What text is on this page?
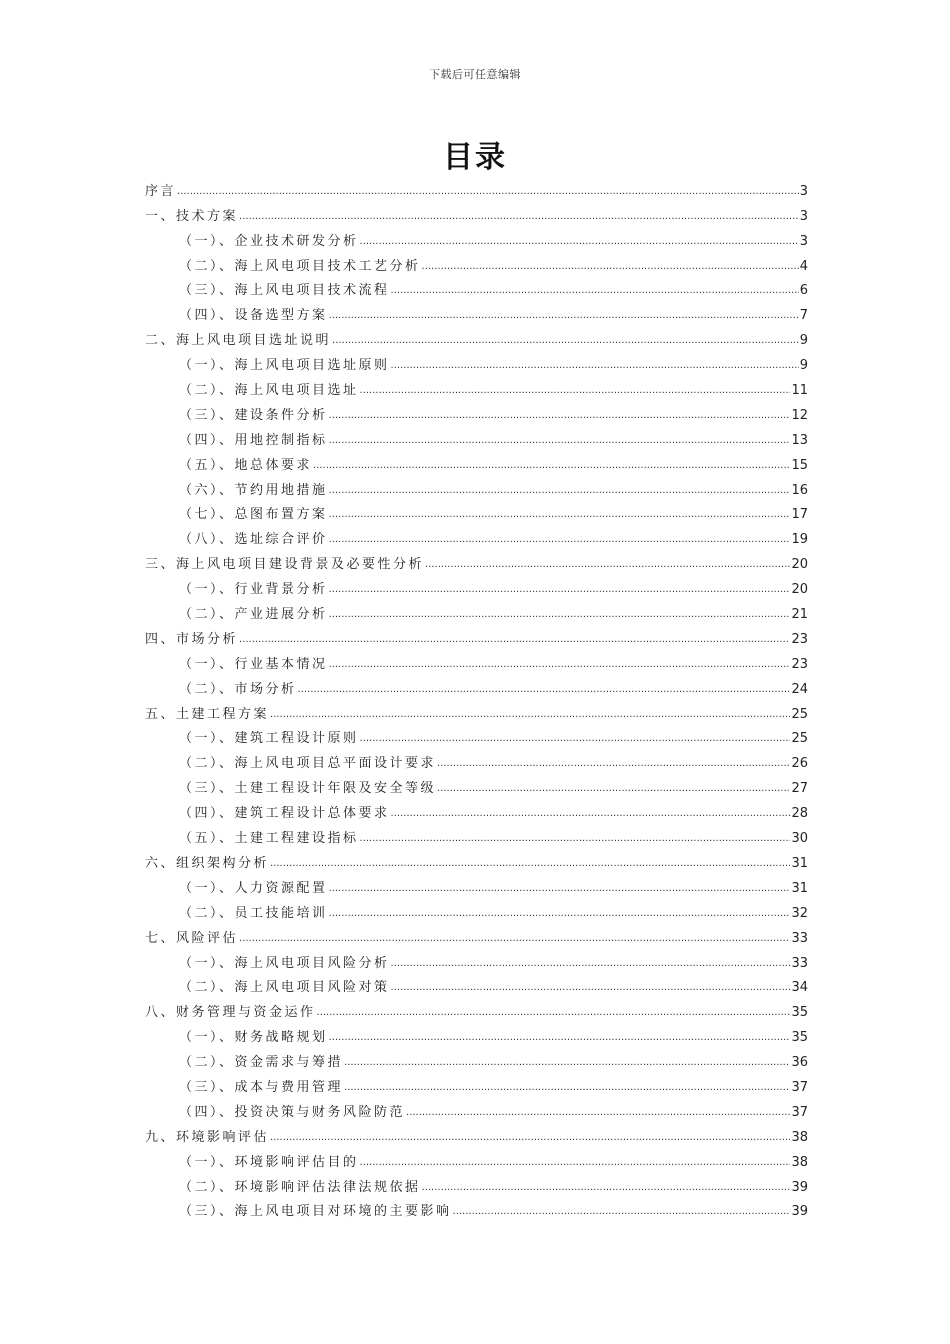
下载后可任意编辑
目录
序言 .....	3
一、技术方案 .....	3
（一）、企业技术研发分析 .....	3
（二）、海上风电项目技术工艺分析 .....	4
（三）、海上风电项目技术流程 .....	6
（四）、设备选型方案 .....	7
二、海上风电项目选址说明 .....	9
（一）、海上风电项目选址原则 .....	9
（二）、海上风电项目选址 .....	11
（三）、建设条件分析 .....	12
（四）、用地控制指标 .....	13
（五）、地总体要求 .....	15
（六）、节约用地措施 .....	16
（七）、总图布置方案 .....	17
（八）、选址综合评价 .....	19
三、海上风电项目建设背景及必要性分析 .....	20
（一）、行业背景分析 .....	20
（二）、产业进展分析 .....	21
四、市场分析 .....	23
（一）、行业基本情况 .....	23
（二）、市场分析 .....	24
五、土建工程方案 .....	25
（一）、建筑工程设计原则 .....	25
（二）、海上风电项目总平面设计要求 .....	26
（三）、土建工程设计年限及安全等级 .....	27
（四）、建筑工程设计总体要求 .....	28
（五）、土建工程建设指标 .....	30
六、组织架构分析 .....	31
（一）、人力资源配置 .....	31
（二）、员工技能培训 .....	32
七、风险评估 .....	33
（一）、海上风电项目风险分析 .....	33
（二）、海上风电项目风险对策 .....	34
八、财务管理与资金运作 .....	35
（一）、财务战略规划 .....	35
（二）、资金需求与筹措 .....	36
（三）、成本与费用管理 .....	37
（四）、投资决策与财务风险防范 .....	37
九、环境影响评估 .....	38
（一）、环境影响评估目的 .....	38
（二）、环境影响评估法律法规依据 .....	39
（三）、海上风电项目对环境的主要影响 .....	39
